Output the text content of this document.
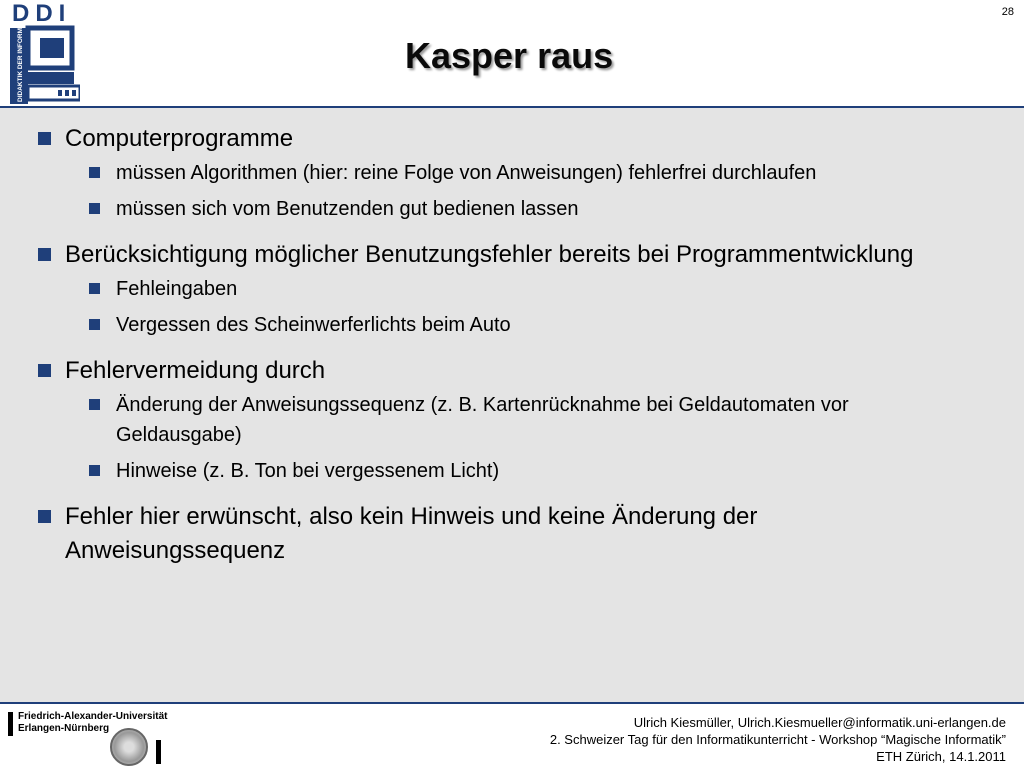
DIDAKTIK DER INFORMATIK
DDI	28
Kasper raus
Computerprogramme
müssen Algorithmen (hier: reine Folge von Anweisungen) fehlerfrei durchlaufen
müssen sich vom Benutzenden gut bedienen lassen
Berücksichtigung möglicher Benutzungsfehler bereits bei Programmentwicklung
Fehleingaben
Vergessen des Scheinwerferlichts beim Auto
Fehlervermeidung durch
Änderung der Anweisungssequenz (z. B. Kartenrücknahme bei Geldautomaten vor Geldausgabe)
Hinweise (z. B. Ton bei vergessenem Licht)
Fehler hier erwünscht, also kein Hinweis und keine Änderung der Anweisungssequenz
Friedrich-Alexander-Universität
Erlangen-Nürnberg	Ulrich Kiesmüller, Ulrich.Kiesmueller@informatik.uni-erlangen.de
2. Schweizer Tag für den Informatikunterricht - Workshop “Magische Informatik”
ETH Zürich, 14.1.2011
